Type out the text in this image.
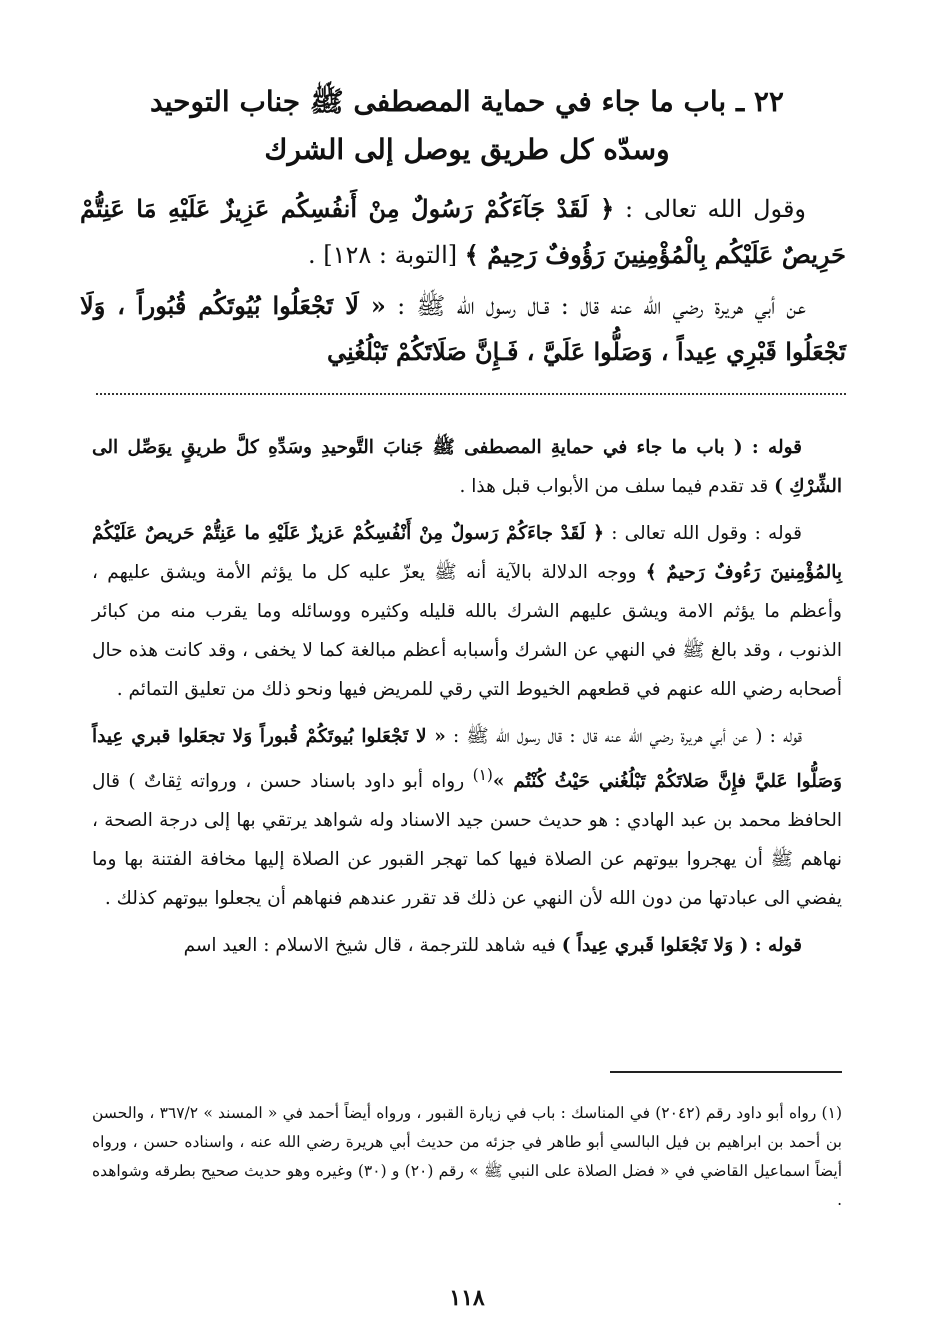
٢٢ ـ باب ما جاء في حماية المصطفى ﷺ جناب التوحيد
وسدّه كل طريق يوصل إلى الشرك

وقول الله تعالى : ﴿ لَقَدْ جَآءَكُمْ رَسُولٌ مِنْ أَنفُسِكُم عَزِيزٌ عَلَيْهِ مَا عَنِتُّمْ حَرِيصٌ عَلَيْكُم بِالْمُؤْمِنِينَ رَؤُوفٌ رَحِيمٌ ﴾ [التوبة : ١٢٨] .

عن أبي هريرة رضي الله عنه قال : قـال رسول الله ﷺ : « لَا تَجْعَلُوا بُيُوتَكُم قُبُوراً ، وَلَا تَجْعَلُوا قَبْرِي عِيداً ، وَصَلُّوا عَلَيَّ ، فَـإِنَّ صَلَاتَكُمْ تَبْلُغُنِي

قوله : ( باب ما جاء في حمايةِ المصطفى ﷺ جَنابَ التَّوحيدِ وسَدِّهِ كلَّ طريقٍ يوَصِّل الى الشِّرْكِ ) قد تقدم فيما سلف من الأبواب قبل هذا .

قوله : وقول الله تعالى : ﴿ لَقَدْ جاءَكُمْ رَسولٌ مِنْ أَنْفُسِكُمْ عَزيزٌ عَلَيْهِ ما عَنِتُّمْ حَريصٌ عَلَيْكُمْ بِالمُؤْمِنينَ رَءُوفٌ رَحيمٌ ﴾ ووجه الدلالة بالآية أنه ﷺ يعزّ عليه كل ما يؤثم الأمة ويشق عليهم ، وأعظم ما يؤثم الامة ويشق عليهم الشرك بالله قليله وكثيره ووسائله وما يقرب منه من كبائر الذنوب ، وقد بالغ ﷺ في النهي عن الشرك وأسبابه أعظم مبالغة كما لا يخفى ، وقد كانت هذه حال أصحابه رضي الله عنهم في قطعهم الخيوط التي رقي للمريض فيها ونحو ذلك من تعليق التمائم .

قوله : ( عن أبي هريرة رضي الله عنه قال : قال رسول الله ﷺ : « لا تَجْعَلوا بُيوتَكُمْ قُبوراً وَلا تجعَلوا قبري عِيداً وَصَلُّوا عَليَّ فإِنَّ صَلاتَكُمْ تَبْلُغُني حَيْثُ كُنْتُم »$^{(١)}$ رواه أبو داود باسناد حسن ، ورواته ثِقاتٌ ) قال الحافظ محمد بن عبد الهادي : هو حديث حسن جيد الاسناد وله شواهد يرتقي بها إلى درجة الصحة ، نهاهم ﷺ أن يهجروا بيوتهم عن الصلاة فيها كما تهجر القبور عن الصلاة إليها مخافة الفتنة بها وما يفضي الى عبادتها من دون الله لأن النهي عن ذلك قد تقرر عندهم فنهاهم أن يجعلوا بيوتهم كذلك .

قوله : ( وَلا تَجْعَلوا قَبري عِيداً ) فيه شاهد للترجمة ، قال شيخ الاسلام : العيد اسم

(١) رواه أبو داود رقم (٢٠٤٢) في المناسك : باب في زيارة القبور ، ورواه أيضاً أحمد في « المسند » ٣٦٧/٢ ، والحسن بن أحمد بن ابراهيم بن فيل البالسي أبو طاهر في جزئه من حديث أبي هريرة رضي الله عنه ، واسناده حسن ، ورواه أيضاً اسماعيل القاضي في « فضل الصلاة على النبي ﷺ » رقم (٢٠) و (٣٠) وغيره وهو حديث صحيح بطرقه وشواهده .

١١٨
